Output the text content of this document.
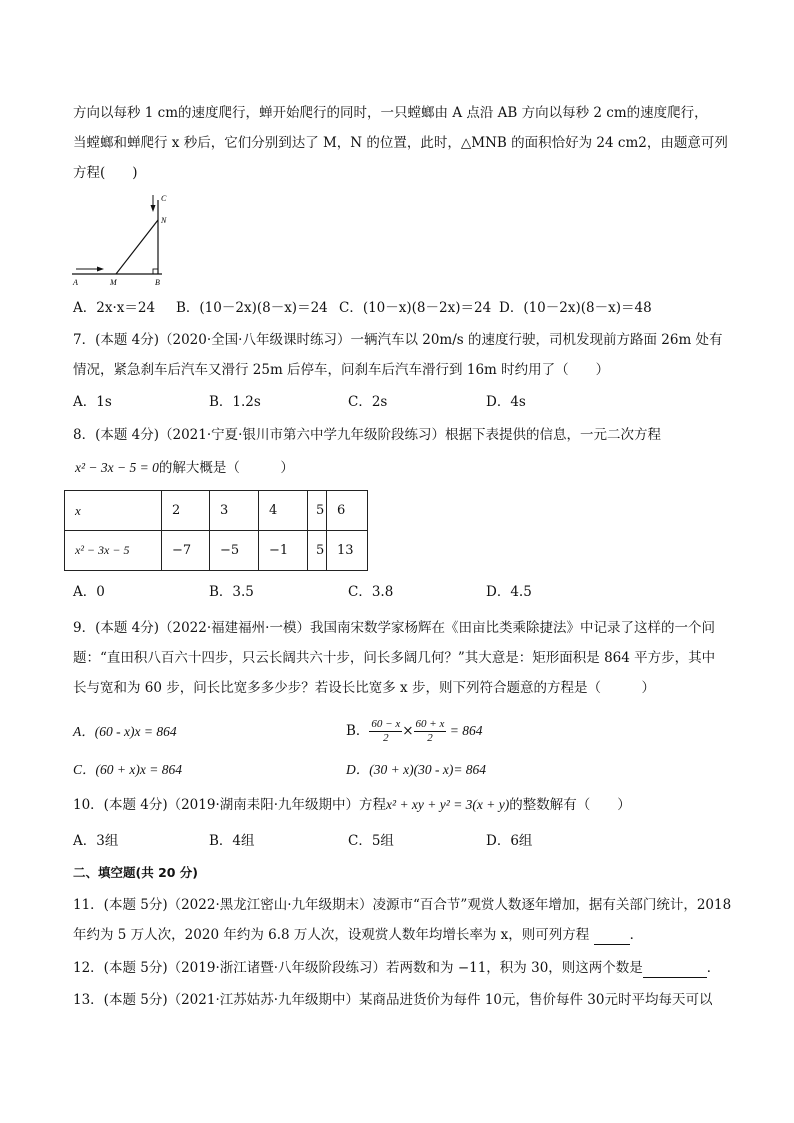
方向以每秒 1 cm的速度爬行，蝉开始爬行的同时，一只螳螂由 A 点沿 AB 方向以每秒 2 cm的速度爬行，
当螳螂和蝉爬行 x 秒后，它们分别到达了 M，N 的位置，此时，△MNB 的面积恰好为 24 cm2，由题意可列
方程(　　)
C
N
A	M	B
A．2x·x＝24 B．(10－2x)(8－x)＝24 C．(10－x)(8－2x)＝24 D．(10－2x)(8－x)＝48
7．(本题 4分)（2020·全国·八年级课时练习）一辆汽车以 20m/s 的速度行驶，司机发现前方路面 26m 处有
情况，紧急刹车后汽车又滑行 25m 后停车，问刹车后汽车滑行到 16m 时约用了（　　）
A．1s	B．1.2s	C．2s	D．4s
8．(本题 4分)（2021·宁夏·银川市第六中学九年级阶段练习）根据下表提供的信息，一元二次方程
x² − 3x − 5 = 0的解大概是（　　　）
x	2	3	4	5	6
x² − 3x − 5	−7	−5	−1	5	13
A．0	B．3.5	C．3.8	D．4.5
9．(本题 4分)（2022·福建福州·一模）我国南宋数学家杨辉在《田亩比类乘除捷法》中记录了这样的一个问
题：“直田积八百六十四步，只云长阔共六十步，问长多阔几何？”其大意是：矩形面积是 864 平方步，其中
长与宽和为 60 步，问长比宽多多少步？若设长比宽多 x 步，则下列符合题意的方程是（　　　）
A．(60 - x)x = 864	B． $\frac{60 - x}{2} \times \frac{60 + x}{2} = 864$
C．(60 + x)x = 864	D．(30 + x)(30 - x)= 864
10．(本题 4分)（2019·湖南耒阳·九年级期中）方程x² + xy + y² = 3(x + y)的整数解有（　　）
A．3组	B．4组	C．5组	D．6组
二、填空题(共 20 分)
11．(本题 5分)（2022·黑龙江密山·九年级期末）凌源市“百合节”观赏人数逐年增加，据有关部门统计，2018
年约为 5 万人次，2020 年约为 6.8 万人次，设观赏人数年均增长率为 x，则可列方程	．
12．(本题 5分)（2019·浙江诸暨·八年级阶段练习）若两数和为 −11，积为 30，则这两个数是	．
13．(本题 5分)（2021·江苏姑苏·九年级期中）某商品进货价为每件 10元，售价每件 30元时平均每天可以
